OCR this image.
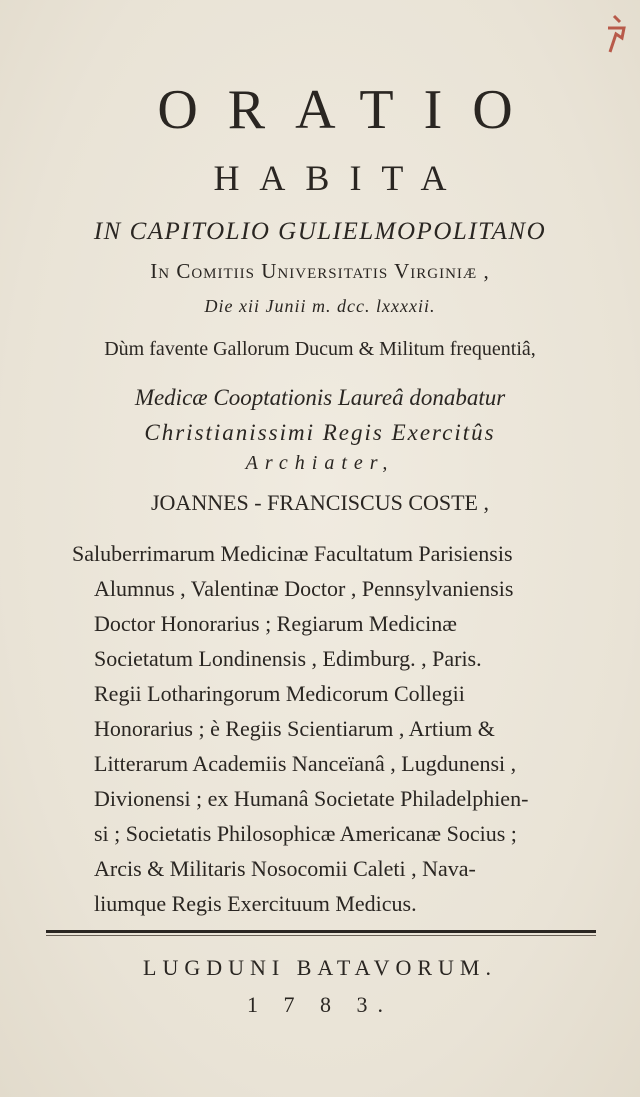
ORATIO
HABITA
IN CAPITOLIO GULIELMOPOLITANO
In Comitiis Universitatis Virginiæ ,
Die xii Junii m. dcc. lxxxxii.
Dùm favente Gallorum Ducum & Militum frequentiâ,
Medicæ Cooptationis Laureâ donabatur
Christianissimi Regis Exercitûs
Archiater,
JOANNES - FRANCISCUS COSTE ,
Saluberrimarum Medicinæ Facultatum Parisiensis
Alumnus , Valentinæ Doctor , Pennsylvaniensis
Doctor Honorarius ; Regiarum Medicinæ
Societatum Londinensis , Edimburg. , Paris.
Regii Lotharingorum Medicorum Collegii
Honorarius ; è Regiis Scientiarum , Artium &
Litterarum Academiis Nanceïanâ , Lugdunensi ,
Divionensi ; ex Humanâ Societate Philadelphien-
si ; Societatis Philosophicæ Americanæ Socius ;
Arcis & Militaris Nosocomii Caleti , Nava-
liumque Regis Exercituum Medicus.
LUGDUNI BATAVORUM.
1 7 8 3.
